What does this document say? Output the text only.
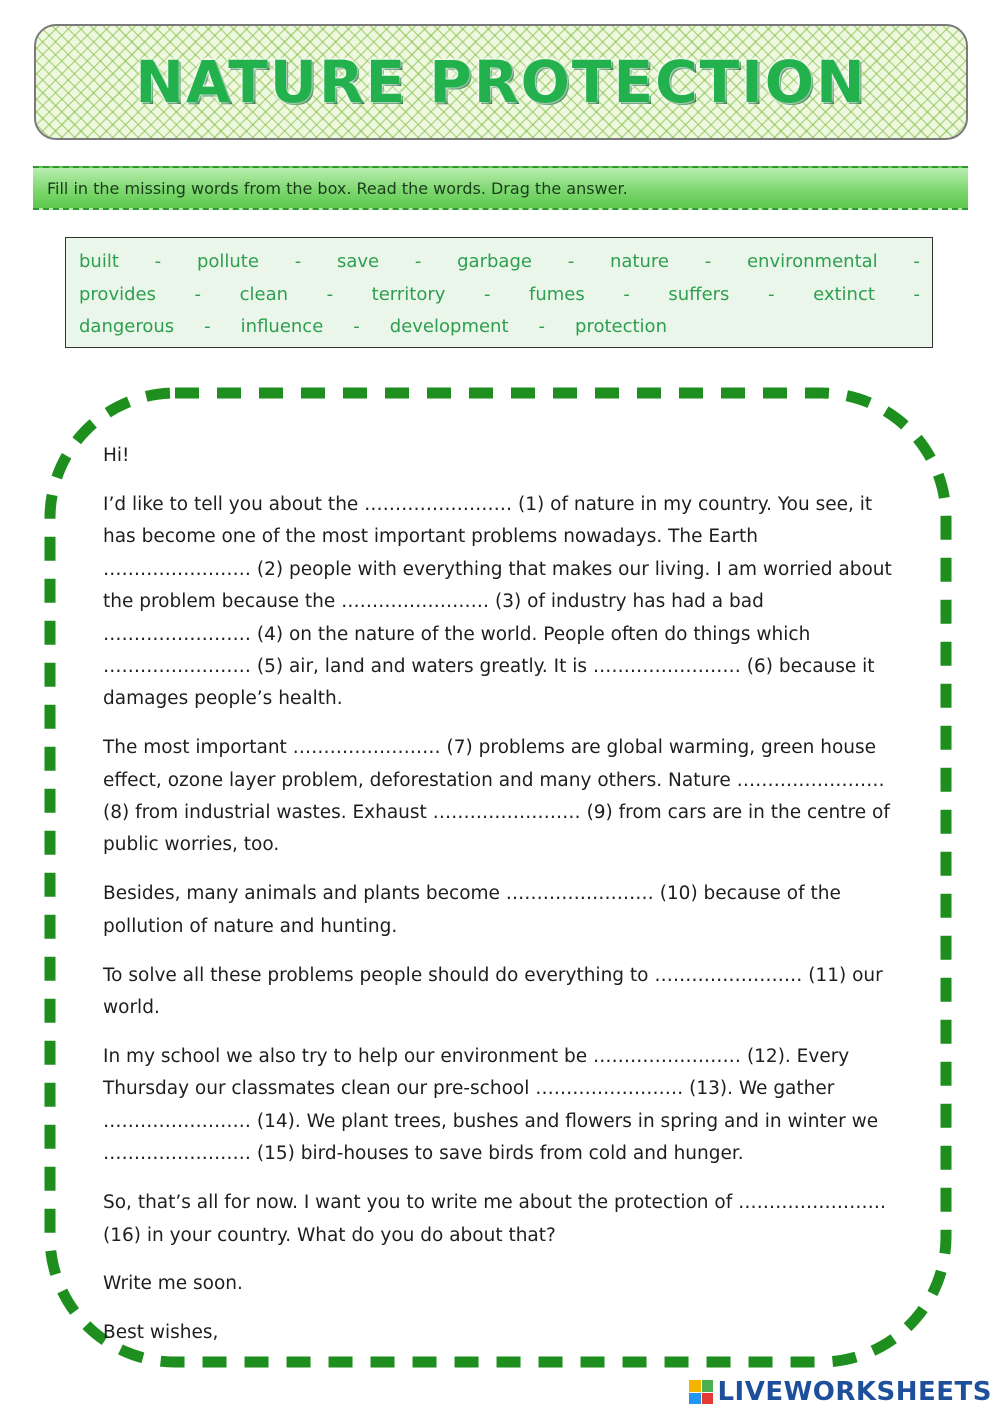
NATURE PROTECTION
Fill in the missing words from the box. Read the words. Drag the answer.
built - pollute - save - garbage - nature - environmental -
provides - clean - territory - fumes - suffers - extinct -
dangerous - influence - development - protection

Hi!

I’d like to tell you about the …………………… (1) of nature in my country. You see, it has become one of the most important problems nowadays. The Earth …………………… (2) people with everything that makes our living. I am worried about the problem because the …………………… (3) of industry has had a bad …………………… (4) on the nature of the world. People often do things which …………………… (5) air, land and waters greatly. It is …………………… (6) because it damages people’s health.

The most important …………………… (7) problems are global warming, green house effect, ozone layer problem, deforestation and many others. Nature …………………… (8) from industrial wastes. Exhaust …………………… (9) from cars are in the centre of public worries, too.

Besides, many animals and plants become …………………… (10) because of the pollution of nature and hunting.

To solve all these problems people should do everything to …………………… (11) our world.

In my school we also try to help our environment be …………………… (12). Every Thursday our classmates clean our pre-school …………………… (13). We gather …………………… (14). We plant trees, bushes and flowers in spring and in winter we …………………… (15) bird-houses to save birds from cold and hunger.

So, that’s all for now. I want you to write me about the protection of …………………… (16) in your country. What do you do about that?

Write me soon.

Best wishes,

LIVEWORKSHEETS
